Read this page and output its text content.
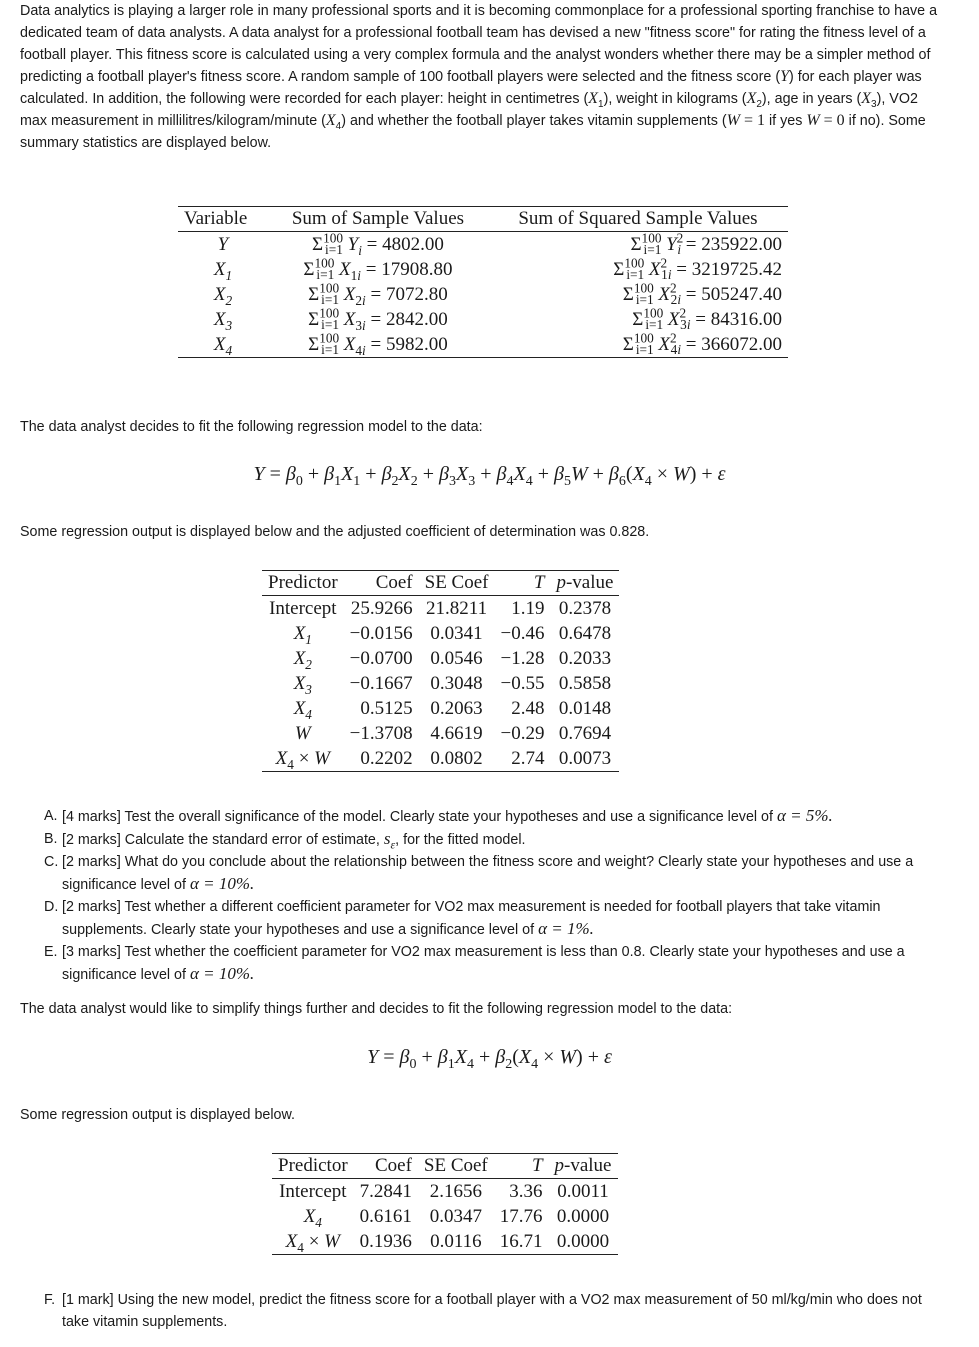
Data analytics is playing a larger role in many professional sports and it is becoming commonplace for a professional sporting franchise to have a dedicated team of data analysts. A data analyst for a professional football team has devised a new "fitness score" for rating the fitness level of a football player. This fitness score is calculated using a very complex formula and the analyst wonders whether there may be a simpler method of predicting a football player's fitness score. A random sample of 100 football players were selected and the fitness score (Y) for each player was calculated. In addition, the following were recorded for each player: height in centimetres $(X_1)$, weight in kilograms $(X_2)$, age in years $(X_3)$, VO2 max measurement in millilitres/kilogram/minute $(X_4)$ and whether the football player takes vitamin supplements (W = 1 if yes W = 0 if no). Some summary statistics are displayed below.

Variable	Sum of Sample Values	Sum of Squared Sample Values
Y	$\Sigma^{100}_{i=1}$ $Y_i = 4802.00$	$\Sigma^{100}_{i=1}$ $Y^2_i = 235922.00$
$X_1$	$\Sigma^{100}_{i=1}$ $X_{1i} = 17908.80$	$\Sigma^{100}_{i=1}$ $X^2_{1i} = 3219725.42$
$X_2$	$\Sigma^{100}_{i=1}$ $X_{2i} = 7072.80$	$\Sigma^{100}_{i=1}$ $X^2_{2i} = 505247.40$
$X_3$	$\Sigma^{100}_{i=1}$ $X_{3i} = 2842.00$	$\Sigma^{100}_{i=1}$ $X^2_{3i} = 84316.00$
$X_4$	$\Sigma^{100}_{i=1}$ $X_{4i} = 5982.00$	$\Sigma^{100}_{i=1}$ $X^2_{4i} = 366072.00$

The data analyst decides to fit the following regression model to the data:

$Y = \beta_0 + \beta_1X_1 + \beta_2X_2 + \beta_3X_3 + \beta_4X_4 + \beta_5W + \beta_6(X_4 \times W) + \varepsilon$

Some regression output is displayed below and the adjusted coefficient of determination was 0.828.

Predictor	Coef	SE Coef	T	p-value
Intercept	25.9266	21.8211	1.19	0.2378
$X_1$	−0.0156	0.0341	−0.46	0.6478
$X_2$	−0.0700	0.0546	−1.28	0.2033
$X_3$	−0.1667	0.3048	−0.55	0.5858
$X_4$	0.5125	0.2063	2.48	0.0148
W	−1.3708	4.6619	−0.29	0.7694
$X_4 \times W$	0.2202	0.0802	2.74	0.0073
A. [4 marks] Test the overall significance of the model. Clearly state your hypotheses and use a significance level of α = 5%.
B. [2 marks] Calculate the standard error of estimate, $s_\varepsilon$, for the fitted model.
C. [2 marks] What do you conclude about the relationship between the fitness score and weight? Clearly state your hypotheses and use a significance level of α = 10%.
D. [2 marks] Test whether a different coefficient parameter for VO2 max measurement is needed for football players that take vitamin supplements. Clearly state your hypotheses and use a significance level of α = 1%.
E. [3 marks] Test whether the coefficient parameter for VO2 max measurement is less than 0.8. Clearly state your hypotheses and use a significance level of α = 10%.

The data analyst would like to simplify things further and decides to fit the following regression model to the data:

$Y = \beta_0 + \beta_1X_4 + \beta_2(X_4 \times W) + \varepsilon$

Some regression output is displayed below.

Predictor	Coef	SE Coef	T	p-value
Intercept	7.2841	2.1656	3.36	0.0011
$X_4$	0.6161	0.0347	17.76	0.0000
$X_4 \times W$	0.1936	0.0116	16.71	0.0000
F. [1 mark] Using the new model, predict the fitness score for a football player with a VO2 max measurement of 50 ml/kg/min who does not take vitamin supplements.
